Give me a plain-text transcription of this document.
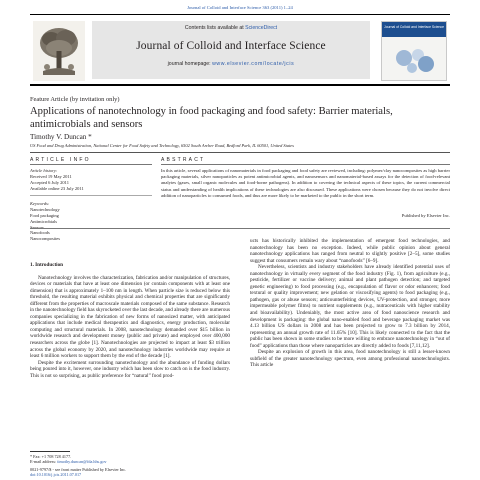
Journal of Colloid and Interface Science 363 (2011) 1–24
Contents lists available at ScienceDirect
Journal of Colloid and Interface Science
journal homepage: www.elsevier.com/locate/jcis
Journal of Colloid and Interface Science
Feature Article (by invitation only)
Applications of nanotechnology in food packaging and food safety: Barrier materials, antimicrobials and sensors
Timothy V. Duncan *
US Food and Drug Administration, National Center for Food Safety and Technology, 6502 South Archer Road, Bedford Park, IL 60501, United States
ARTICLE INFO	ABSTRACT
Article history:
Received 19 May 2011
Accepted 6 July 2011
Available online 23 July 2011
Keywords:
Nanotechnology
Food packaging
Antimicrobials
Sensors
Nanofoods
Nanocomposites
In this article, several applications of nanomaterials in food packaging and food safety are reviewed, including: polymer/clay nanocomposites as high barrier packaging materials, silver nanoparticles as potent antimicrobial agents, and nanosensors and nanomaterial-based assays for the detection of food-relevant analytes (gases, small organic molecules and food-borne pathogens). In addition to covering the technical aspects of these topics, the current commercial status and understanding of health implications of these technologies are also discussed. These applications were chosen because they do not involve direct addition of nanoparticles to consumed foods, and thus are more likely to be marketed to the public in the short term.
Published by Elsevier Inc.

1. Introduction

Nanotechnology involves the characterization, fabrication and/or manipulation of structures, devices or materials that have at least one dimension (or contain components with at least one dimension) that is approximately 1–100 nm in length. When particle size is reduced below this threshold, the resulting material exhibits physical and chemical properties that are significantly different from the properties of macroscale materials composed of the same substance. Research in the nanotechnology field has skyrocketed over the last decade, and already there are numerous companies specializing in the fabrication of new forms of nanosized matter, with anticipated applications that include medical therapeutics and diagnostics, energy production, molecular computing and structural materials. In 2008, nanotechnology demanded over $15 billion in worldwide research and development money (public and private) and employed over 400,000 researchers across the globe [1]. Nanotechnologies are projected to impact at least $3 trillion across the global economy by 2020, and nanotechnology industries worldwide may require at least 6 million workers to support them by the end of the decade [1].

Despite the excitement surrounding nanotechnology and the abundance of funding dollars being poured into it, however, one industry which has been slow to catch on is the food industry. This is not so surprising, as public preference for “natural” food prod-

ucts has historically inhibited the implementation of emergent food technologies, and nanotechnology has been no exception. Indeed, while public opinion about general nanotechnology applications has ranged from neutral to slightly positive [2–5], some studies suggest that consumers remain wary about “nanofoods” [6–9].

Nevertheless, scientists and industry stakeholders have already identified potential uses of nanotechnology in virtually every segment of the food industry (Fig. 1), from agriculture (e.g., pesticide, fertilizer or vaccine delivery; animal and plant pathogen detection; and targeted genetic engineering) to food processing (e.g., encapsulation of flavor or odor enhancers; food textural or quality improvement; new gelation or viscosifying agents) to food packaging (e.g., pathogen, gas or abuse sensors; anticounterfeiting devices, UV-protection, and stronger, more impermeable polymer films) to nutrient supplements (e.g., nutraceuticals with higher stability and bioavailability). Undeniably, the most active area of food nanoscience research and development is packaging: the global nano-enabled food and beverage packaging market was 4.13 billion US dollars in 2008 and has been projected to grow to 7.3 billion by 2014, representing an annual growth rate of 11.65% [10]. This is likely connected to the fact that the public has been shown in some studies to be more willing to embrace nanotechnology in “out of food” applications than those where nanoparticles are directly added to foods [7,11,12].

Despite an explosion of growth in this area, food nanotechnology is still a lesser-known subfield of the greater nanotechnology spectrum, even among professional nanotechnologists. This article

* Fax: +1 708 728 4177.
E-mail address: timothy.duncan@fda.hhs.gov
0021-9797/$ - see front matter Published by Elsevier Inc.
doi:10.1016/j.jcis.2011.07.017
